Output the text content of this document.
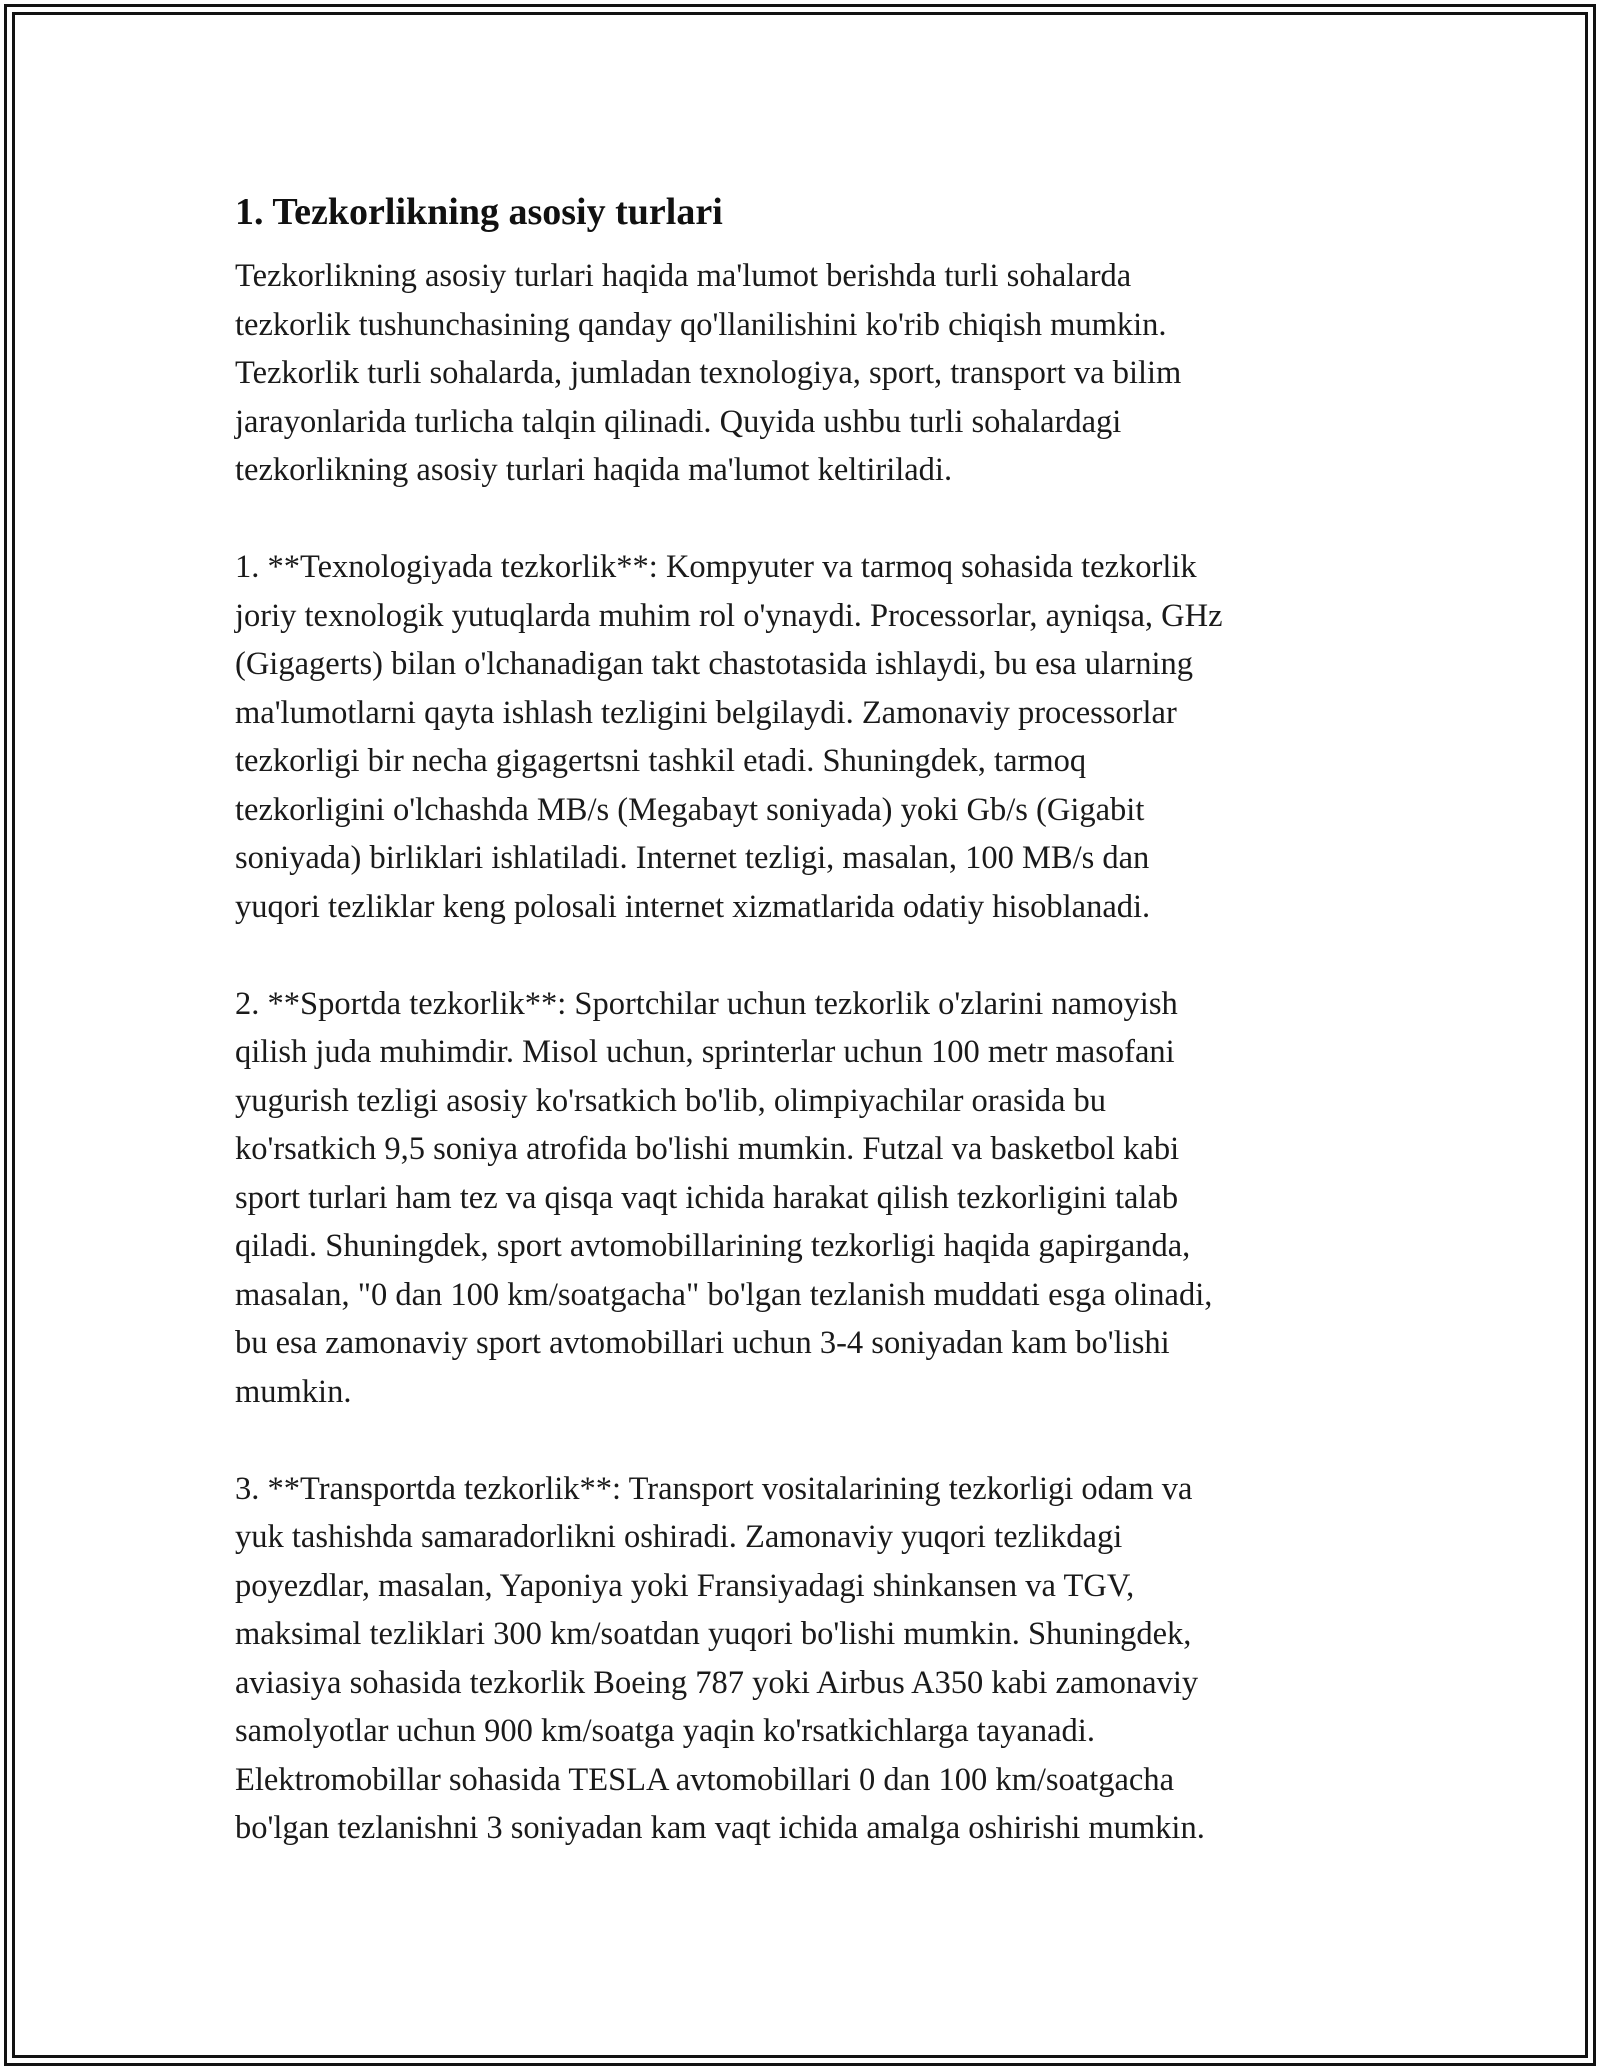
1. Tezkorlikning asosiy turlari
Tezkorlikning asosiy turlari haqida ma'lumot berishda turli sohalarda
tezkorlik tushunchasining qanday qo'llanilishini ko'rib chiqish mumkin.
Tezkorlik turli sohalarda, jumladan texnologiya, sport, transport va bilim
jarayonlarida turlicha talqin qilinadi. Quyida ushbu turli sohalardagi
tezkorlikning asosiy turlari haqida ma'lumot keltiriladi.

1. **Texnologiyada tezkorlik**: Kompyuter va tarmoq sohasida tezkorlik
joriy texnologik yutuqlarda muhim rol o'ynaydi. Processorlar, ayniqsa, GHz
(Gigagerts) bilan o'lchanadigan takt chastotasida ishlaydi, bu esa ularning
ma'lumotlarni qayta ishlash tezligini belgilaydi. Zamonaviy processorlar
tezkorligi bir necha gigagertsni tashkil etadi. Shuningdek, tarmoq
tezkorligini o'lchashda MB/s (Megabayt soniyada) yoki Gb/s (Gigabit
soniyada) birliklari ishlatiladi. Internet tezligi, masalan, 100 MB/s dan
yuqori tezliklar keng polosali internet xizmatlarida odatiy hisoblanadi.

2. **Sportda tezkorlik**: Sportchilar uchun tezkorlik o'zlarini namoyish
qilish juda muhimdir. Misol uchun, sprinterlar uchun 100 metr masofani
yugurish tezligi asosiy ko'rsatkich bo'lib, olimpiyachilar orasida bu
ko'rsatkich 9,5 soniya atrofida bo'lishi mumkin. Futzal va basketbol kabi
sport turlari ham tez va qisqa vaqt ichida harakat qilish tezkorligini talab
qiladi. Shuningdek, sport avtomobillarining tezkorligi haqida gapirganda,
masalan, "0 dan 100 km/soatgacha" bo'lgan tezlanish muddati esga olinadi,
bu esa zamonaviy sport avtomobillari uchun 3-4 soniyadan kam bo'lishi
mumkin.

3. **Transportda tezkorlik**: Transport vositalarining tezkorligi odam va
yuk tashishda samaradorlikni oshiradi. Zamonaviy yuqori tezlikdagi
poyezdlar, masalan, Yaponiya yoki Fransiyadagi shinkansen va TGV,
maksimal tezliklari 300 km/soatdan yuqori bo'lishi mumkin. Shuningdek,
aviasiya sohasida tezkorlik Boeing 787 yoki Airbus A350 kabi zamonaviy
samolyotlar uchun 900 km/soatga yaqin ko'rsatkichlarga tayanadi.
Elektromobillar sohasida TESLA avtomobillari 0 dan 100 km/soatgacha
bo'lgan tezlanishni 3 soniyadan kam vaqt ichida amalga oshirishi mumkin.
